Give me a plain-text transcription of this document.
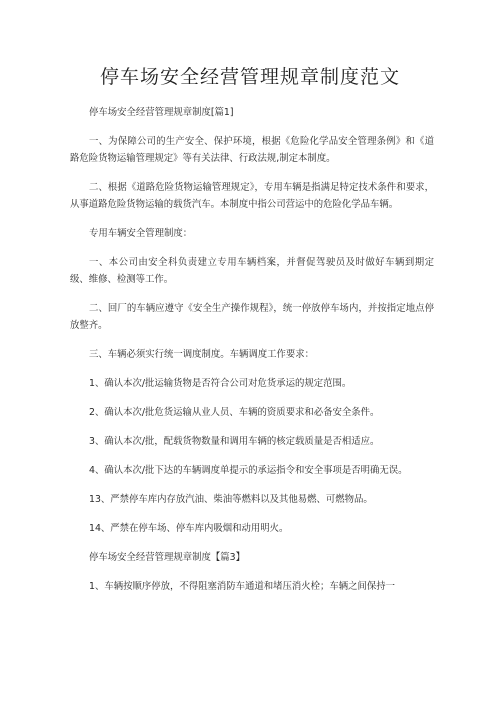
停车场安全经营管理规章制度范文

停车场安全经营管理规章制度[篇1]

一、为保障公司的生产安全、保护环境，根据《危险化学品安全管理条例》和《道路危险货物运输管理规定》等有关法律、行政法规,制定本制度。

二、根据《道路危险货物运输管理规定》，专用车辆是指满足特定技术条件和要求，从事道路危险货物运输的载货汽车。本制度中指公司营运中的危险化学品车辆。

专用车辆安全管理制度：

一、本公司由安全科负责建立专用车辆档案，并督促驾驶员及时做好车辆到期定级、维修、检测等工作。

二、回厂的车辆应遵守《安全生产操作规程》，统一停放停车场内，并按指定地点停放整齐。

三、车辆必须实行统一调度制度。车辆调度工作要求：

1、确认本次/批运输货物是否符合公司对危货承运的规定范围。

2、确认本次/批危货运输从业人员、车辆的资质要求和必备安全条件。

3、确认本次/批，配载货物数量和调用车辆的核定载质量是否相适应。

4、确认本次/批下达的车辆调度单提示的承运指令和安全事项是否明确无误。

13、严禁停车库内存放汽油、柴油等燃料以及其他易燃、可燃物品。

14、严禁在停车场、停车库内吸烟和动用明火。

停车场安全经营管理规章制度【篇3】

1、车辆按顺序停放，不得阻塞消防车通道和堵压消火栓；车辆之间保持一
